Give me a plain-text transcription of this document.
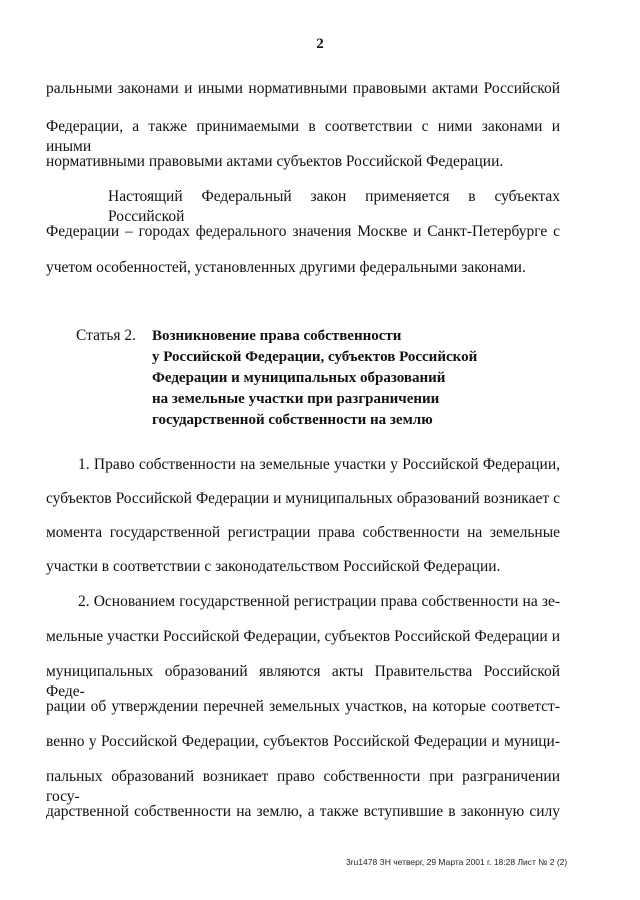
2
ральными законами и иными нормативными правовыми актами Российской
Федерации, а также принимаемыми в соответствии с ними законами и иными
нормативными правовыми актами субъектов Российской Федерации.
Настоящий Федеральный закон применяется в субъектах Российской
Федерации – городах федерального значения Москве и Санкт-Петербурге с
учетом особенностей, установленных другими федеральными законами.
Статья 2. Возникновение права собственности
у Российской Федерации, субъектов Российской
Федерации и муниципальных образований
на земельные участки при разграничении
государственной собственности на землю
1. Право собственности на земельные участки у Российской Федерации,
субъектов Российской Федерации и муниципальных образований возникает с
момента государственной регистрации права собственности на земельные
участки в соответствии с законодательством Российской Федерации.
2. Основанием государственной регистрации права собственности на зе-
мельные участки Российской Федерации, субъектов Российской Федерации и
муниципальных образований являются акты Правительства Российской Феде-
рации об утверждении перечней земельных участков, на которые соответст-
венно у Российской Федерации, субъектов Российской Федерации и муници-
пальных образований возникает право собственности при разграничении госу-
дарственной собственности на землю, а также вступившие в законную силу
3ru1478 ЗН четверг, 29 Марта 2001 г. 18:28 Лист № 2 (2)
